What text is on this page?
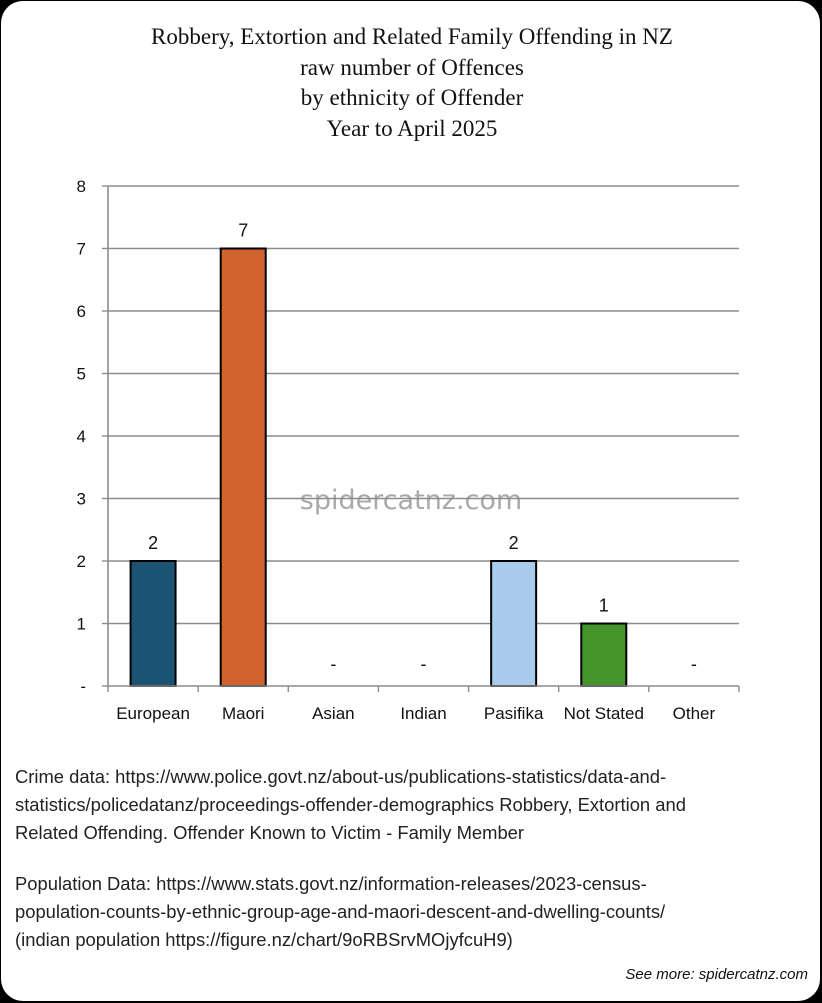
Robbery, Extortion and Related Family Offending in NZ
raw number of Offences
by ethnicity of Offender
Year to April 2025
-
1
2
3
4
5
6
7
8
2
European
7
Maori
-
Asian
-
Indian
2
Pasifika
1
Not Stated
-
Other
spidercatnz.com

Crime data: https://www.police.govt.nz/about-us/publications-statistics/data-and-

statistics/policedatanz/proceedings-offender-demographics Robbery, Extortion and

Related Offending. Offender Known to Victim - Family Member

Population Data: https://www.stats.govt.nz/information-releases/2023-census-

population-counts-by-ethnic-group-age-and-maori-descent-and-dwelling-counts/

(indian population https://figure.nz/chart/9oRBSrvMOjyfcuH9)

See more: spidercatnz.com
